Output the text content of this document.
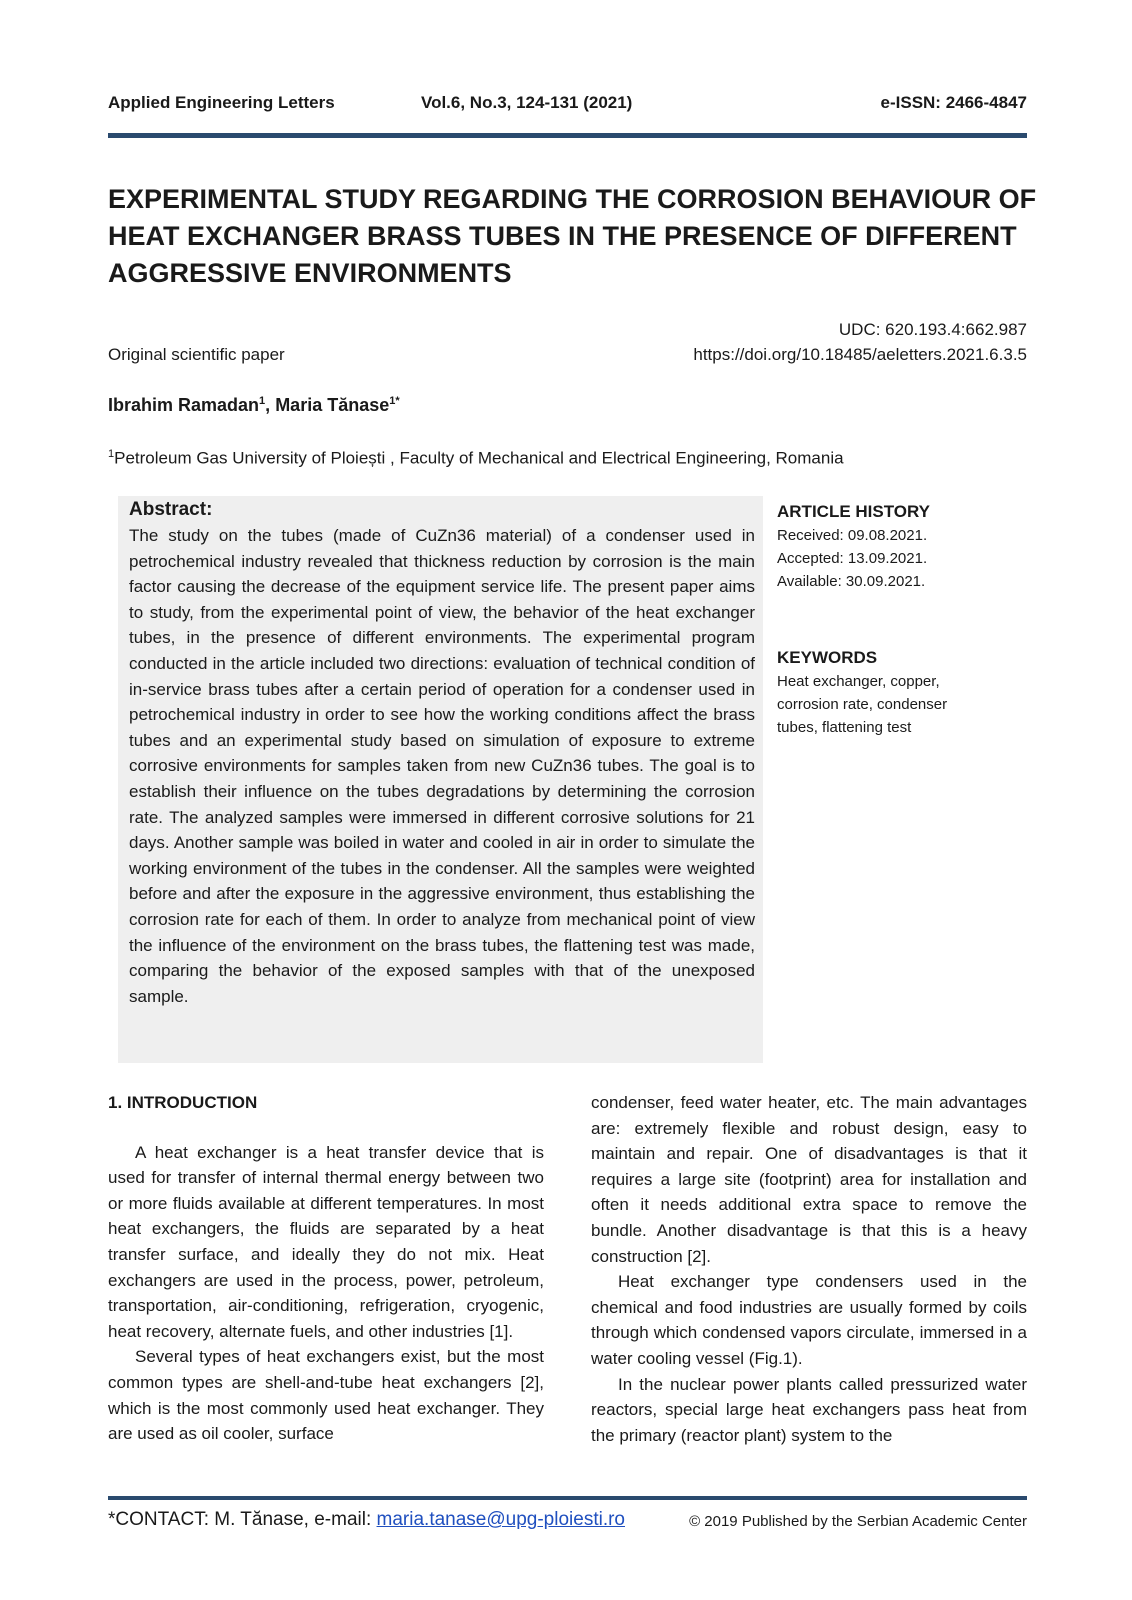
Applied Engineering Letters	Vol.6, No.3, 124-131 (2021)	e-ISSN: 2466-4847
EXPERIMENTAL STUDY REGARDING THE CORROSION BEHAVIOUR OF
HEAT EXCHANGER BRASS TUBES IN THE PRESENCE OF DIFFERENT
AGGRESSIVE ENVIRONMENTS
UDC: 620.193.4:662.987
Original scientific paper	https://doi.org/10.18485/aeletters.2021.6.3.5
Ibrahim Ramadan$^1$, Maria Tănase$^{1*}$
$^1$Petroleum Gas University of Ploiești , Faculty of Mechanical and Electrical Engineering, Romania
Abstract:

The study on the tubes (made of CuZn36 material) of a condenser used in petrochemical industry revealed that thickness reduction by corrosion is the main factor causing the decrease of the equipment service life. The present paper aims to study, from the experimental point of view, the behavior of the heat exchanger tubes, in the presence of different environments. The experimental program conducted in the article included two directions: evaluation of technical condition of in-service brass tubes after a certain period of operation for a condenser used in petrochemical industry in order to see how the working conditions affect the brass tubes and an experimental study based on simulation of exposure to extreme corrosive environments for samples taken from new CuZn36 tubes. The goal is to establish their influence on the tubes degradations by determining the corrosion rate. The analyzed samples were immersed in different corrosive solutions for 21 days. Another sample was boiled in water and cooled in air in order to simulate the working environment of the tubes in the condenser. All the samples were weighted before and after the exposure in the aggressive environment, thus establishing the corrosion rate for each of them. In order to analyze from mechanical point of view the influence of the environment on the brass tubes, the flattening test was made, comparing the behavior of the exposed samples with that of the unexposed sample.

ARTICLE HISTORY
Received: 09.08.2021.
Accepted: 13.09.2021.
Available: 30.09.2021.
KEYWORDS
Heat exchanger, copper,
corrosion rate, condenser
tubes, flattening test
1. INTRODUCTION

A heat exchanger is a heat transfer device that is used for transfer of internal thermal energy between two or more fluids available at different temperatures. In most heat exchangers, the fluids are separated by a heat transfer surface, and ideally they do not mix. Heat exchangers are used in the process, power, petroleum, transportation, air-conditioning, refrigeration, cryogenic, heat recovery, alternate fuels, and other industries [1].

Several types of heat exchangers exist, but the most common types are shell-and-tube heat exchangers [2], which is the most commonly used heat exchanger. They are used as oil cooler, surface

condenser, feed water heater, etc. The main advantages are: extremely flexible and robust design, easy to maintain and repair. One of disadvantages is that it requires a large site (footprint) area for installation and often it needs additional extra space to remove the bundle. Another disadvantage is that this is a heavy construction [2].

Heat exchanger type condensers used in the chemical and food industries are usually formed by coils through which condensed vapors circulate, immersed in a water cooling vessel (Fig.1).

In the nuclear power plants called pressurized water reactors, special large heat exchangers pass heat from the primary (reactor plant) system to the

*CONTACT: M. Tănase, e-mail: maria.tanase@upg-ploiesti.ro	© 2019 Published by the Serbian Academic Center
